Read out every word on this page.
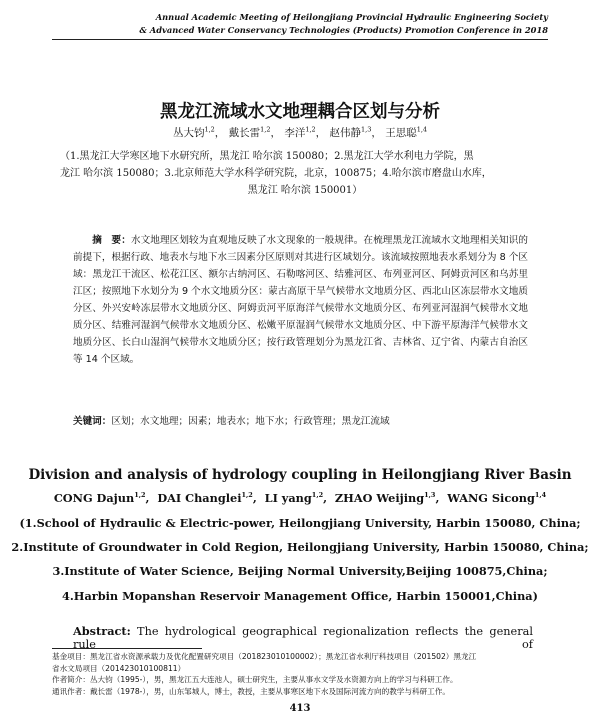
Annual Academic Meeting of Heilongjiang Provincial Hydraulic Engineering Society
& Advanced Water Conservancy Technologies (Products) Promotion Conference in 2018
黑龙江流域水文地理耦合区划与分析
丛大钧$^{1,2}$， 戴长雷$^{1,2}$， 李洋$^{1,2}$， 赵伟静$^{1,3}$， 王思聪$^{1,4}$
（1.黑龙江大学寒区地下水研究所，黑龙江 哈尔滨 150080；2.黑龙江大学水利电力学院，黑
龙江 哈尔滨 150080；3.北京师范大学水科学研究院，北京，100875；4.哈尔滨市磨盘山水库，
黑龙江 哈尔滨 150001）
摘　要：水文地理区划较为直观地反映了水文现象的一般规律。在梳理黑龙江流域水文地理相关知识的前提下，根据行政、地表水与地下水三因素分区原则对其进行区域划分。该流域按照地表水系划分为 8 个区域：黑龙江干流区、松花江区、额尔古纳河区、石勒喀河区、结雅河区、布列亚河区、阿姆贡河区和乌苏里江区；按照地下水划分为 9 个水文地质分区：蒙古高原干旱气候带水文地质分区、西北山区冻层带水文地质分区、外兴安岭冻层带水文地质分区、阿姆贡河平原海洋气候带水文地质分区、布列亚河湿润气候带水文地质分区、结雅河湿润气候带水文地质分区、松嫩平原湿润气候带水文地质分区、中下游平原海洋气候带水文地质分区、长白山湿润气候带水文地质分区；按行政管理划分为黑龙江省、吉林省、辽宁省、内蒙古自治区等 14 个区域。
关键词：区划；水文地理；因素；地表水；地下水；行政管理；黑龙江流域
Division and analysis of hydrology coupling in Heilongjiang River Basin
CONG Dajun$^{1,2}$,  DAI Changlei$^{1,2}$,  LI yang$^{1,2}$,  ZHAO Weijing$^{1,3}$,  WANG Sicong$^{1,4}$
(1.School of Hydraulic & Electric-power, Heilongjiang University, Harbin 150080, China;
2.Institute of Groundwater in Cold Region, Heilongjiang University, Harbin 150080, China;
3.Institute of Water Science, Beijing Normal University,Beijing 100875,China;
4.Harbin Mopanshan Reservoir Management Office, Harbin 150001,China)
Abstract: The hydrological geographical regionalization reflects the general rule of
基金项目：黑龙江省水资源承载力及优化配置研究项目（201823010100002）；黑龙江省水利厅科技项目（201502）黑龙江
省水文局项目（201423010100811）
作者简介：丛大钧（1995-），男，黑龙江五大连池人，硕士研究生，主要从事水文学及水资源方向上的学习与科研工作。
通讯作者：戴长雷（1978-），男，山东邹城人，博士，教授，主要从事寒区地下水及国际河流方向的教学与科研工作。
413
